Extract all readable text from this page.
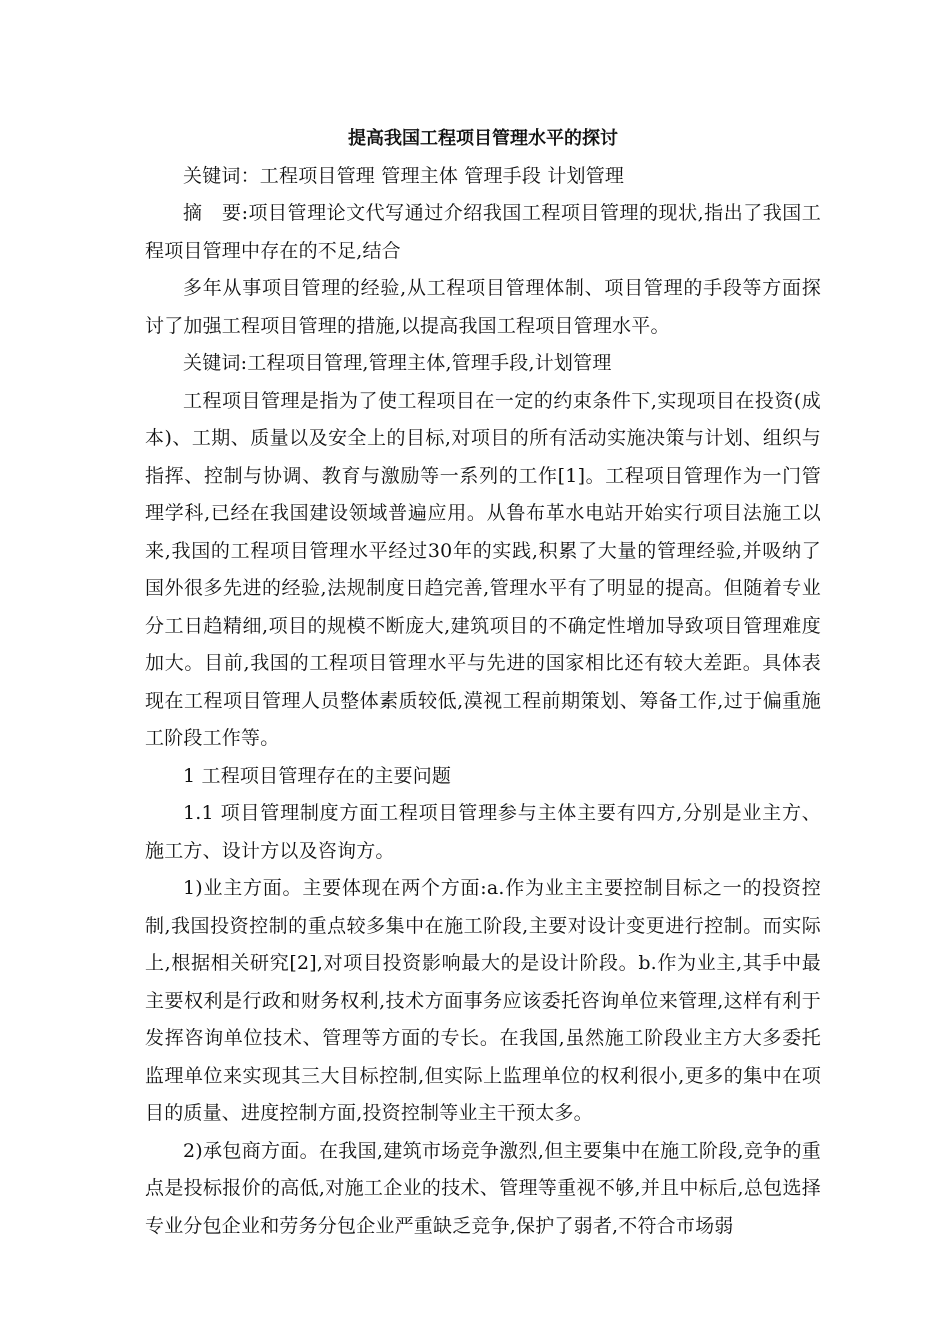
提高我国工程项目管理水平的探讨

关键词：工程项目管理 管理主体 管理手段 计划管理

摘　要:项目管理论文代写通过介绍我国工程项目管理的现状,指出了我国工程项目管理中存在的不足,结合

多年从事项目管理的经验,从工程项目管理体制、项目管理的手段等方面探讨了加强工程项目管理的措施,以提高我国工程项目管理水平。

关键词:工程项目管理,管理主体,管理手段,计划管理

工程项目管理是指为了使工程项目在一定的约束条件下,实现项目在投资(成本)、工期、质量以及安全上的目标,对项目的所有活动实施决策与计划、组织与指挥、控制与协调、教育与激励等一系列的工作[1]。工程项目管理作为一门管理学科,已经在我国建设领域普遍应用。从鲁布革水电站开始实行项目法施工以来,我国的工程项目管理水平经过30年的实践,积累了大量的管理经验,并吸纳了国外很多先进的经验,法规制度日趋完善,管理水平有了明显的提高。但随着专业分工日趋精细,项目的规模不断庞大,建筑项目的不确定性增加导致项目管理难度加大。目前,我国的工程项目管理水平与先进的国家相比还有较大差距。具体表现在工程项目管理人员整体素质较低,漠视工程前期策划、筹备工作,过于偏重施工阶段工作等。

1 工程项目管理存在的主要问题

1.1 项目管理制度方面工程项目管理参与主体主要有四方,分别是业主方、施工方、设计方以及咨询方。

1)业主方面。主要体现在两个方面:a.作为业主主要控制目标之一的投资控制,我国投资控制的重点较多集中在施工阶段,主要对设计变更进行控制。而实际上,根据相关研究[2],对项目投资影响最大的是设计阶段。b.作为业主,其手中最主要权利是行政和财务权利,技术方面事务应该委托咨询单位来管理,这样有利于发挥咨询单位技术、管理等方面的专长。在我国,虽然施工阶段业主方大多委托监理单位来实现其三大目标控制,但实际上监理单位的权利很小,更多的集中在项目的质量、进度控制方面,投资控制等业主干预太多。

2)承包商方面。在我国,建筑市场竞争激烈,但主要集中在施工阶段,竞争的重点是投标报价的高低,对施工企业的技术、管理等重视不够,并且中标后,总包选择专业分包企业和劳务分包企业严重缺乏竞争,保护了弱者,不符合市场弱
